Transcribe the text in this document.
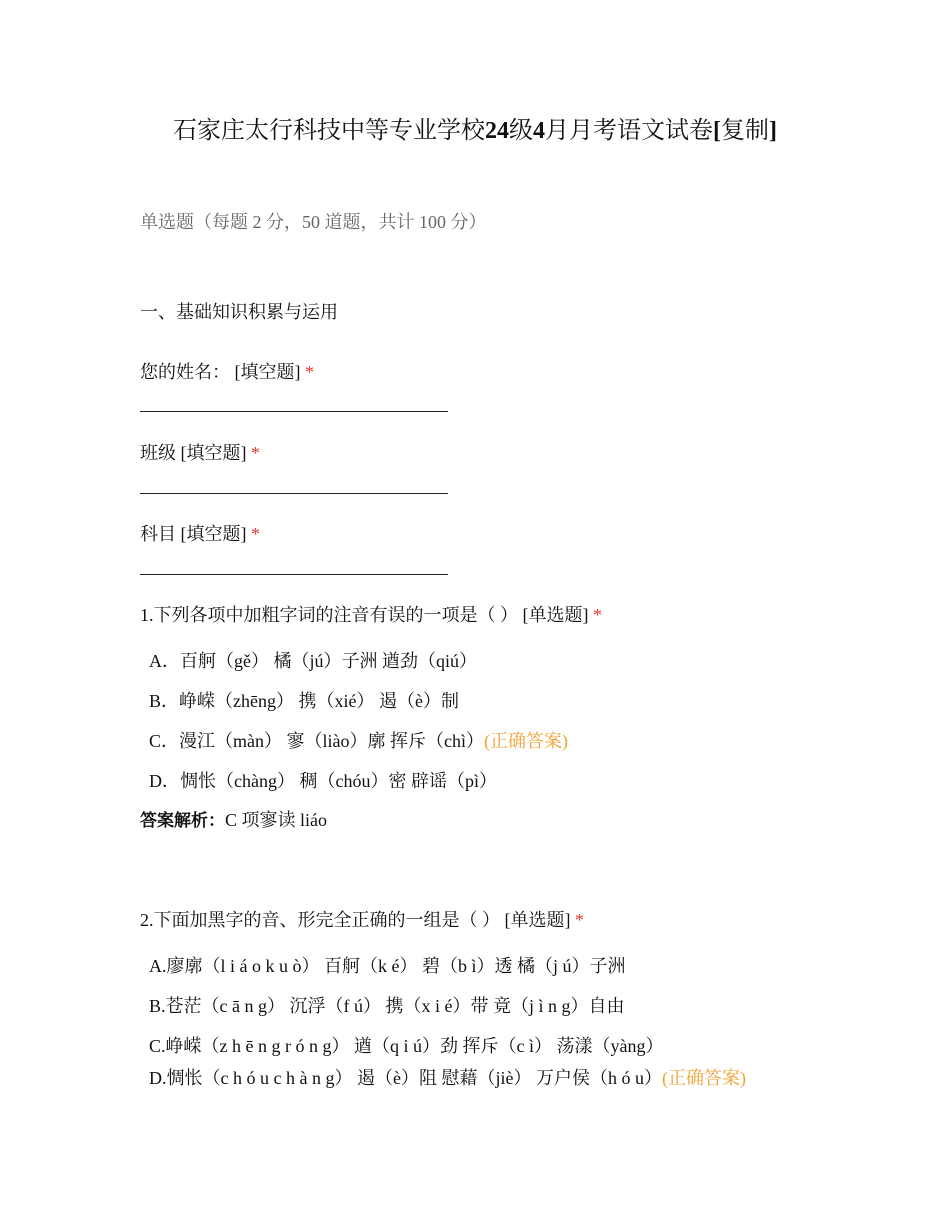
石家庄太行科技中等专业学校24级4月月考语文试卷[复制]
单选题（每题 2 分，50 道题，共计 100 分）
一、基础知识积累与运用
您的姓名： [填空题] *
班级 [填空题] *
科目 [填空题] *
1.下列各项中加粗字词的注音有误的一项是（ ） [单选题] *
A．百舸（gě） 橘（jú）子洲 遒劲（qiú）
B．峥嵘（zhēng） 携（xié） 遏（è）制
C．漫江（màn） 寥（liào）廓 挥斥（chì）(正确答案)
D．惆怅（chàng） 稠（chóu）密 辟谣（pì）
答案解析：C 项寥读 liáo
2.下面加黑字的音、形完全正确的一组是（ ） [单选题] *
A.廖廓（l i á o k u ò） 百舸（k é） 碧（b ì）透 橘（j ú）子洲
B.苍茫（c ā n g） 沉浮（f ú） 携（x i é）带 竟（j ì n g）自由
C.峥嵘（z h ē n g r ó n g） 遒（q i ú）劲 挥斥（c ì） 荡漾（yàng）
D.惆怅（c h ó u c h à n g） 遏（è）阻 慰藉（jiè） 万户侯（h ó u）(正确答案)
